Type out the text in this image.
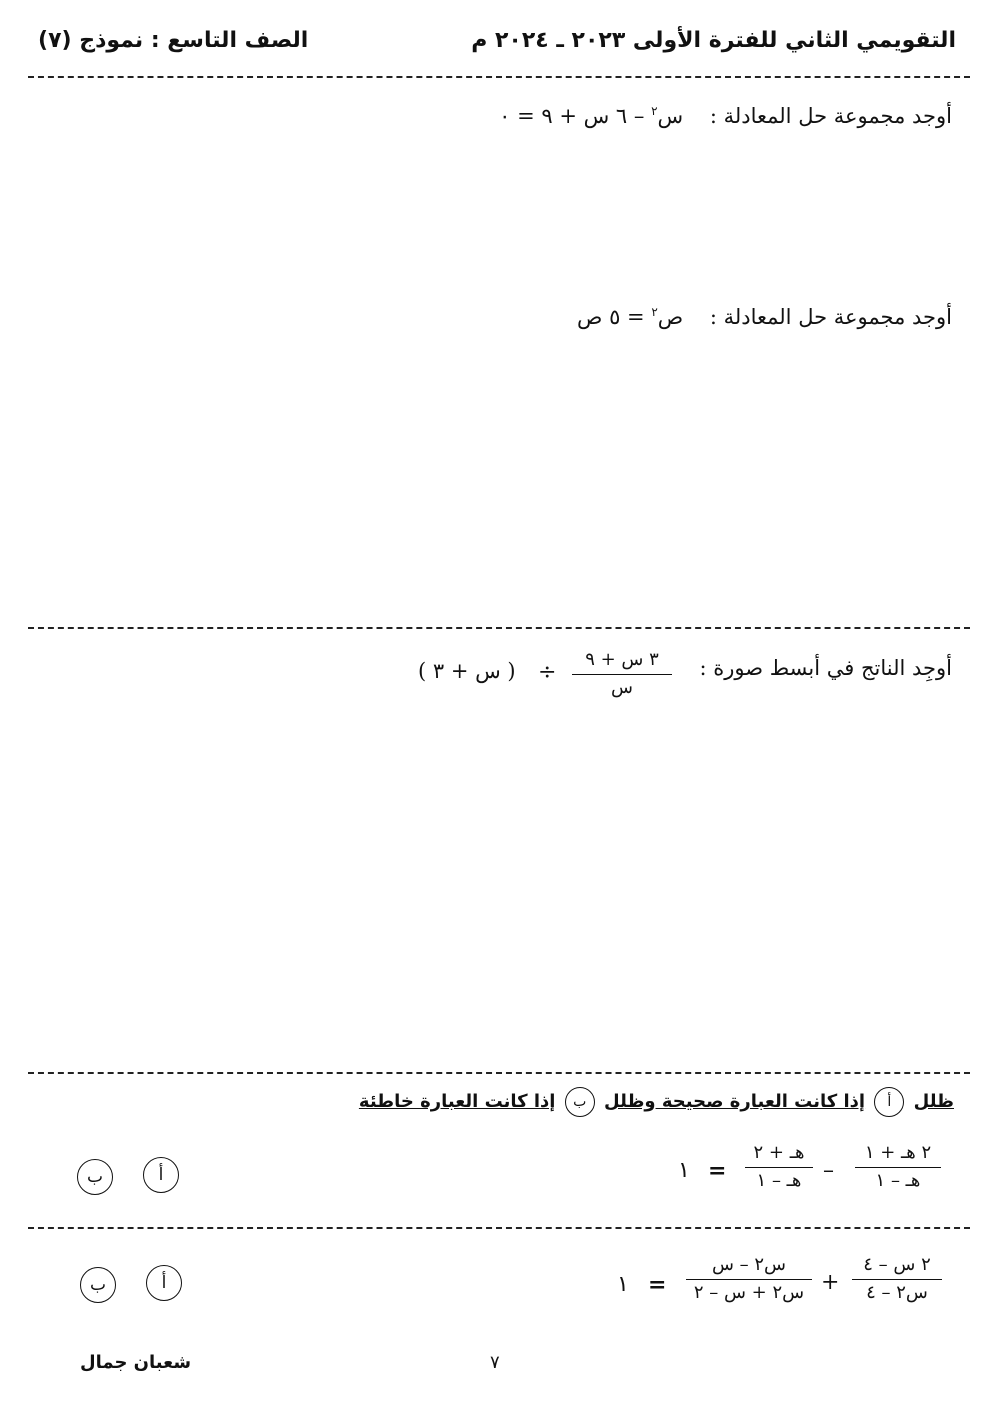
التقويمي الثاني للفترة الأولى ٢٠٢٣ ـ ٢٠٢٤ م
الصف التاسع : نموذج (٧)
أوجد مجموعة حل المعادلة :    س$^٢$ – ٦ س + ٩ = ٠
أوجد مجموعة حل المعادلة :    ص$^٢$ = ٥ ص
أوجِد الناتج في أبسط صورة :
٣ س + ٩
س
÷
( س + ٣ )
ظلل أ إذا كانت العبارة صحيحة وظلل ب إذا كانت العبارة خاطئة
٢ هـ + ١
هـ – ١
–
هـ + ٢
هـ – ١
=
١
أ
ب
٢ س – ٤
س٢ – ٤
+
س٢ – س
س٢ + س – ٢
=
١
أ
ب
شعبان جمال	٧
